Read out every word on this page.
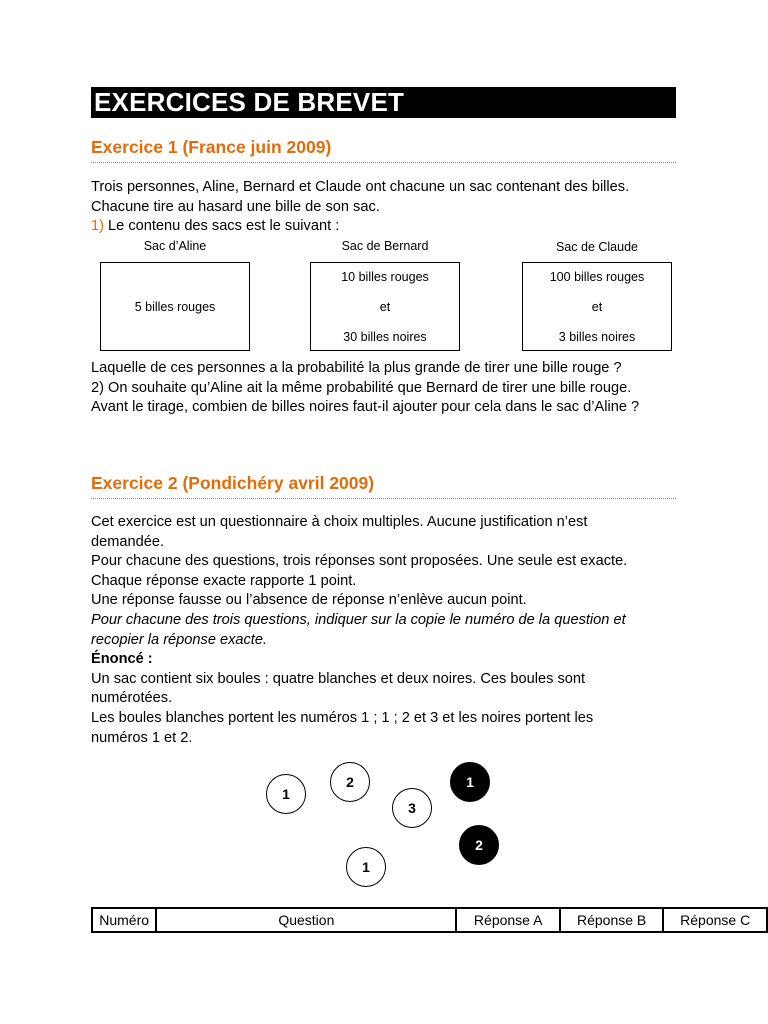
EXERCICES DE BREVET
Exercice 1 (France juin 2009)

Trois personnes, Aline, Bernard et Claude ont chacune un sac contenant des billes.

Chacune tire au hasard une bille de son sac.

1) Le contenu des sacs est le suivant :

Sac d’Aline	Sac de Bernard	Sac de Claude
5 billes rouges
10 billes rouges
et
30 billes noires
100 billes rouges
et
3 billes noires

Laquelle de ces personnes a la probabilité la plus grande de tirer une bille rouge ?

2) On souhaite qu’Aline ait la même probabilité que Bernard de tirer une bille rouge.

Avant le tirage, combien de billes noires faut-il ajouter pour cela dans le sac d’Aline ?

Exercice 2 (Pondichéry avril 2009)

Cet exercice est un questionnaire à choix multiples. Aucune justification n’est

demandée.

Pour chacune des questions, trois réponses sont proposées. Une seule est exacte.

Chaque réponse exacte rapporte 1 point.

Une réponse fausse ou l’absence de réponse n’enlève aucun point.

Pour chacune des trois questions, indiquer sur la copie le numéro de la question et

recopier la réponse exacte.

Énoncé :

Un sac contient six boules : quatre blanches et deux noires. Ces boules sont

numérotées.

Les boules blanches portent les numéros 1 ; 1 ; 2 et 3 et les noires portent les

numéros 1 et 2.

1
2
3
1
1
2
Numéro	Question	Réponse A	Réponse B	Réponse C
